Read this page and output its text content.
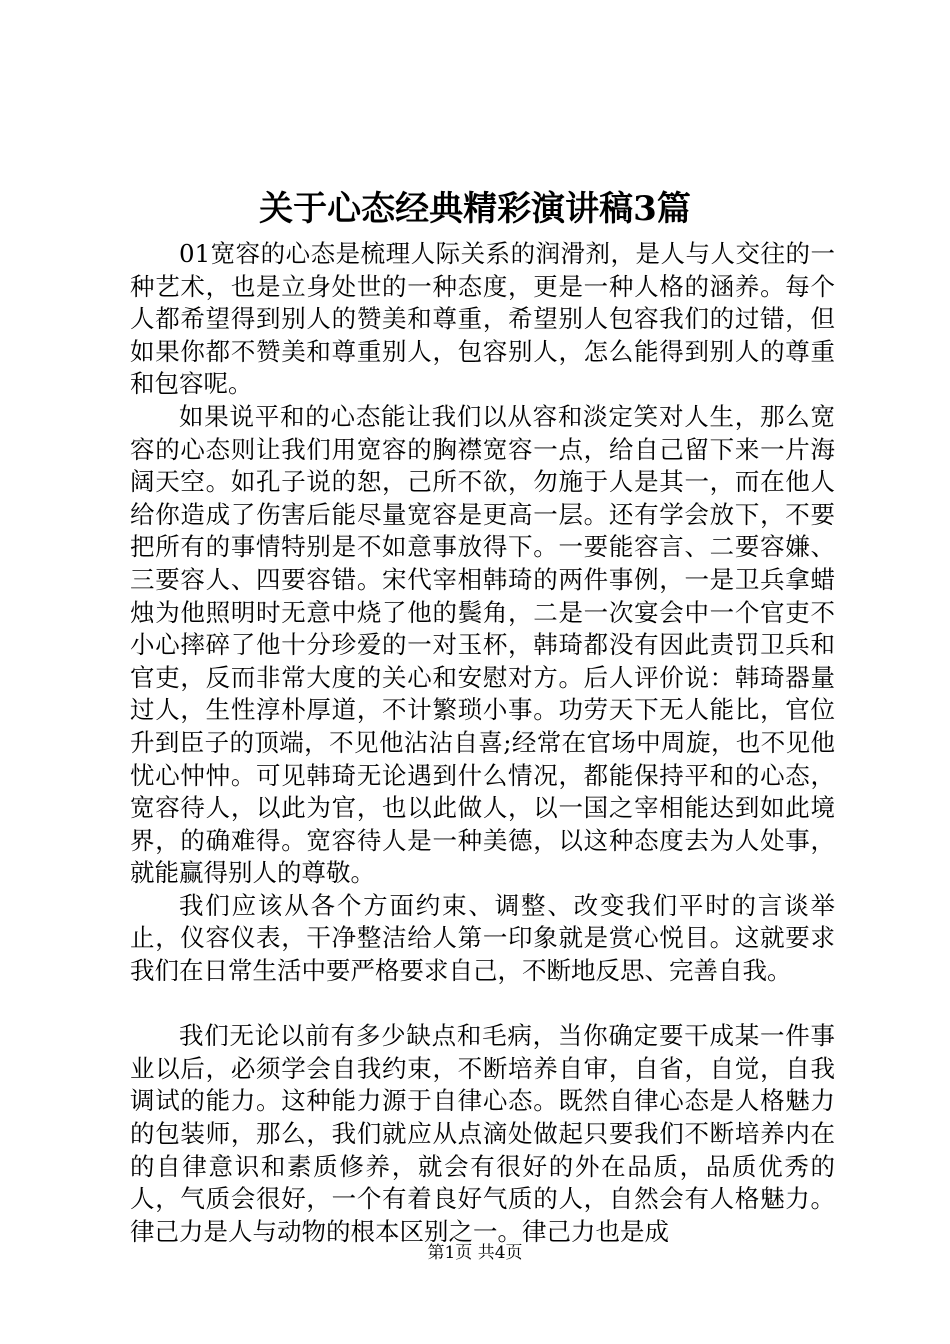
关于心态经典精彩演讲稿3篇

01宽容的心态是梳理人际关系的润滑剂，是人与人交往的一种艺术，也是立身处世的一种态度，更是一种人格的涵养。每个人都希望得到别人的赞美和尊重，希望别人包容我们的过错，但如果你都不赞美和尊重别人，包容别人，怎么能得到别人的尊重和包容呢。

如果说平和的心态能让我们以从容和淡定笑对人生，那么宽容的心态则让我们用宽容的胸襟宽容一点，给自己留下来一片海阔天空。如孔子说的恕，己所不欲，勿施于人是其一，而在他人给你造成了伤害后能尽量宽容是更高一层。还有学会放下，不要把所有的事情特别是不如意事放得下。一要能容言、二要容嫌、三要容人、四要容错。宋代宰相韩琦的两件事例，一是卫兵拿蜡烛为他照明时无意中烧了他的鬓角，二是一次宴会中一个官吏不小心摔碎了他十分珍爱的一对玉杯，韩琦都没有因此责罚卫兵和官吏，反而非常大度的关心和安慰对方。后人评价说：韩琦器量过人，生性淳朴厚道，不计繁琐小事。功劳天下无人能比，官位升到臣子的顶端，不见他沾沾自喜;经常在官场中周旋，也不见他忧心忡忡。可见韩琦无论遇到什么情况，都能保持平和的心态，宽容待人，以此为官，也以此做人，以一国之宰相能达到如此境界，的确难得。宽容待人是一种美德，以这种态度去为人处事，就能赢得别人的尊敬。

我们应该从各个方面约束、调整、改变我们平时的言谈举止，仪容仪表，干净整洁给人第一印象就是赏心悦目。这就要求我们在日常生活中要严格要求自己，不断地反思、完善自我。

我们无论以前有多少缺点和毛病，当你确定要干成某一件事业以后，必须学会自我约束，不断培养自审，自省，自觉，自我调试的能力。这种能力源于自律心态。既然自律心态是人格魅力的包装师，那么，我们就应从点滴处做起只要我们不断培养内在的自律意识和素质修养，就会有很好的外在品质，品质优秀的人，气质会很好，一个有着良好气质的人，自然会有人格魅力。律己力是人与动物的根本区别之一。律己力也是成

第1页 共4页
